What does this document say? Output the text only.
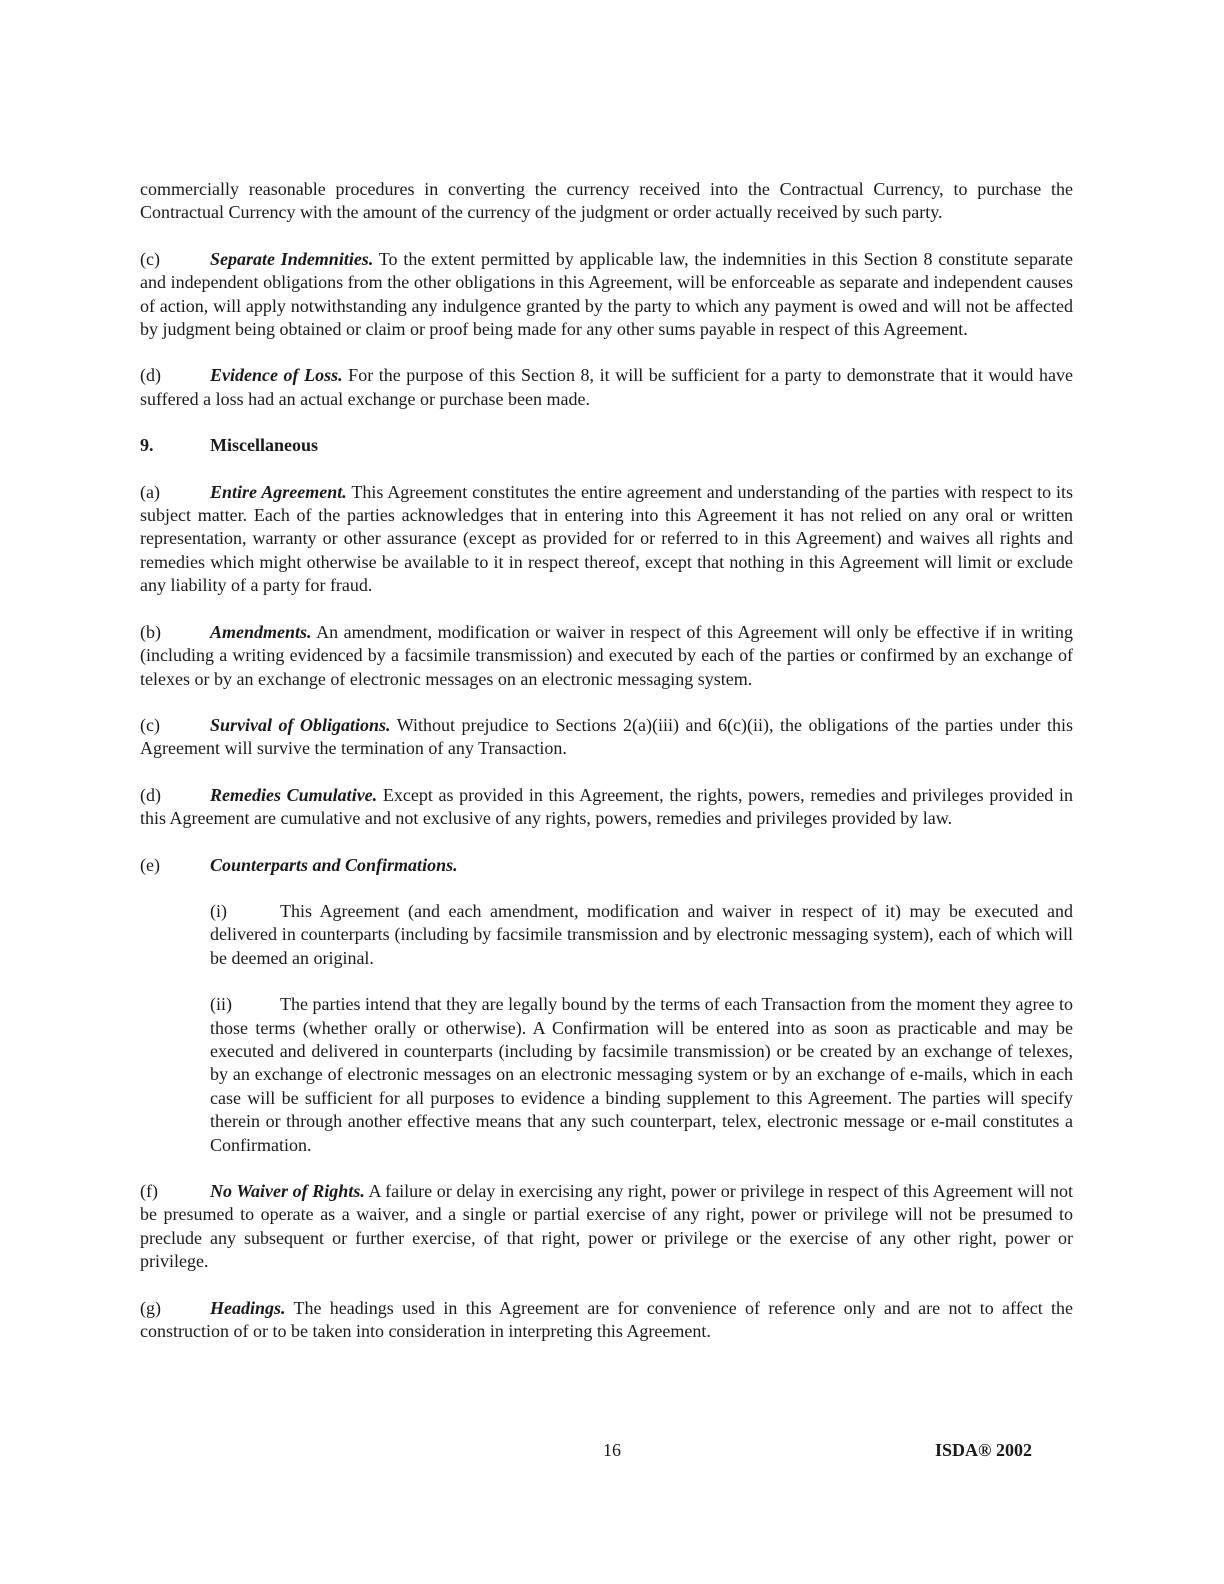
commercially reasonable procedures in converting the currency received into the Contractual Currency, to purchase the Contractual Currency with the amount of the currency of the judgment or order actually received by such party.

(c)	Separate Indemnities. To the extent permitted by applicable law, the indemnities in this Section 8 constitute separate and independent obligations from the other obligations in this Agreement, will be enforceable as separate and independent causes of action, will apply notwithstanding any indulgence granted by the party to which any payment is owed and will not be affected by judgment being obtained or claim or proof being made for any other sums payable in respect of this Agreement.

(d)	Evidence of Loss. For the purpose of this Section 8, it will be sufficient for a party to demonstrate that it would have suffered a loss had an actual exchange or purchase been made.

9.	Miscellaneous

(a)	Entire Agreement. This Agreement constitutes the entire agreement and understanding of the parties with respect to its subject matter. Each of the parties acknowledges that in entering into this Agreement it has not relied on any oral or written representation, warranty or other assurance (except as provided for or referred to in this Agreement) and waives all rights and remedies which might otherwise be available to it in respect thereof, except that nothing in this Agreement will limit or exclude any liability of a party for fraud.

(b)	Amendments. An amendment, modification or waiver in respect of this Agreement will only be effective if in writing (including a writing evidenced by a facsimile transmission) and executed by each of the parties or confirmed by an exchange of telexes or by an exchange of electronic messages on an electronic messaging system.

(c)	Survival of Obligations. Without prejudice to Sections 2(a)(iii) and 6(c)(ii), the obligations of the parties under this Agreement will survive the termination of any Transaction.

(d)	Remedies Cumulative. Except as provided in this Agreement, the rights, powers, remedies and privileges provided in this Agreement are cumulative and not exclusive of any rights, powers, remedies and privileges provided by law.

(e)	Counterparts and Confirmations.

(i)	This Agreement (and each amendment, modification and waiver in respect of it) may be executed and delivered in counterparts (including by facsimile transmission and by electronic messaging system), each of which will be deemed an original.

(ii)	The parties intend that they are legally bound by the terms of each Transaction from the moment they agree to those terms (whether orally or otherwise). A Confirmation will be entered into as soon as practicable and may be executed and delivered in counterparts (including by facsimile transmission) or be created by an exchange of telexes, by an exchange of electronic messages on an electronic messaging system or by an exchange of e-mails, which in each case will be sufficient for all purposes to evidence a binding supplement to this Agreement. The parties will specify therein or through another effective means that any such counterpart, telex, electronic message or e-mail constitutes a Confirmation.

(f)	No Waiver of Rights. A failure or delay in exercising any right, power or privilege in respect of this Agreement will not be presumed to operate as a waiver, and a single or partial exercise of any right, power or privilege will not be presumed to preclude any subsequent or further exercise, of that right, power or privilege or the exercise of any other right, power or privilege.

(g)	Headings. The headings used in this Agreement are for convenience of reference only and are not to affect the construction of or to be taken into consideration in interpreting this Agreement.

16	ISDA® 2002
